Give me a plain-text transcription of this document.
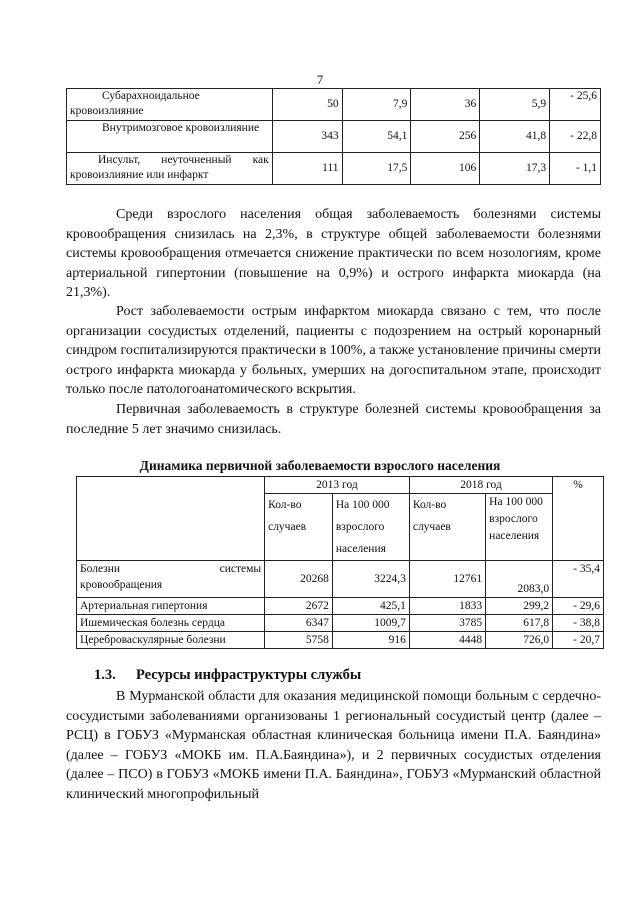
7
Субарахноидальное кровоизлияние	50	7,9	36	5,9	- 25,6

Внутримозговое кровоизлияние	343	54,1	256	41,8	- 22,8

Инсульт, неуточненный как
кровоизлияние или инфаркт	111	17,5	106	17,3	- 1,1

Среди взрослого населения общая заболеваемость болезнями системы кровообращения снизилась на 2,3%, в структуре общей заболеваемости болезнями системы кровообращения отмечается снижение практически по всем нозологиям, кроме артериальной гипертонии (повышение на 0,9%) и острого инфаркта миокарда (на 21,3%).

Рост заболеваемости острым инфарктом миокарда связано с тем, что после организации сосудистых отделений, пациенты с подозрением на острый коронарный синдром госпитализируются практически в 100%, а также установление причины смерти острого инфаркта миокарда у больных, умерших на догоспитальном этапе, происходит только после патологоанатомического вскрытия.

Первичная заболеваемость в структуре болезней системы кровообращения за последние 5 лет значимо снизилась.

Динамика первичной заболеваемости взрослого населения
	2013 год		2018 год		%

	Кол-во случаев	На 100 000 взрослого населения	Кол-во случаев	На 100 000 взрослого населения	

Болезни системы
кровообращения	20268	3224,3	12761	2083,0	- 35,4
Артериальная гипертония	2672	425,1	1833	299,2	- 29,6
Ишемическая болезнь сердца	6347	1009,7	3785	617,8	- 38,8
Цереброваскулярные болезни	5758	916	4448	726,0	- 20,7
1.3. Ресурсы инфраструктуры службы

В Мурманской области для оказания медицинской помощи больным с сердечно-сосудистыми заболеваниями организованы 1 региональный сосудистый центр (далее – РСЦ) в ГОБУЗ «Мурманская областная клиническая больница имени П.А. Баяндина» (далее – ГОБУЗ «МОКБ им. П.А.Баяндина»), и 2 первичных сосудистых отделения (далее – ПСО) в ГОБУЗ «МОКБ имени П.А. Баяндина», ГОБУЗ «Мурманский областной клинический многопрофильный
